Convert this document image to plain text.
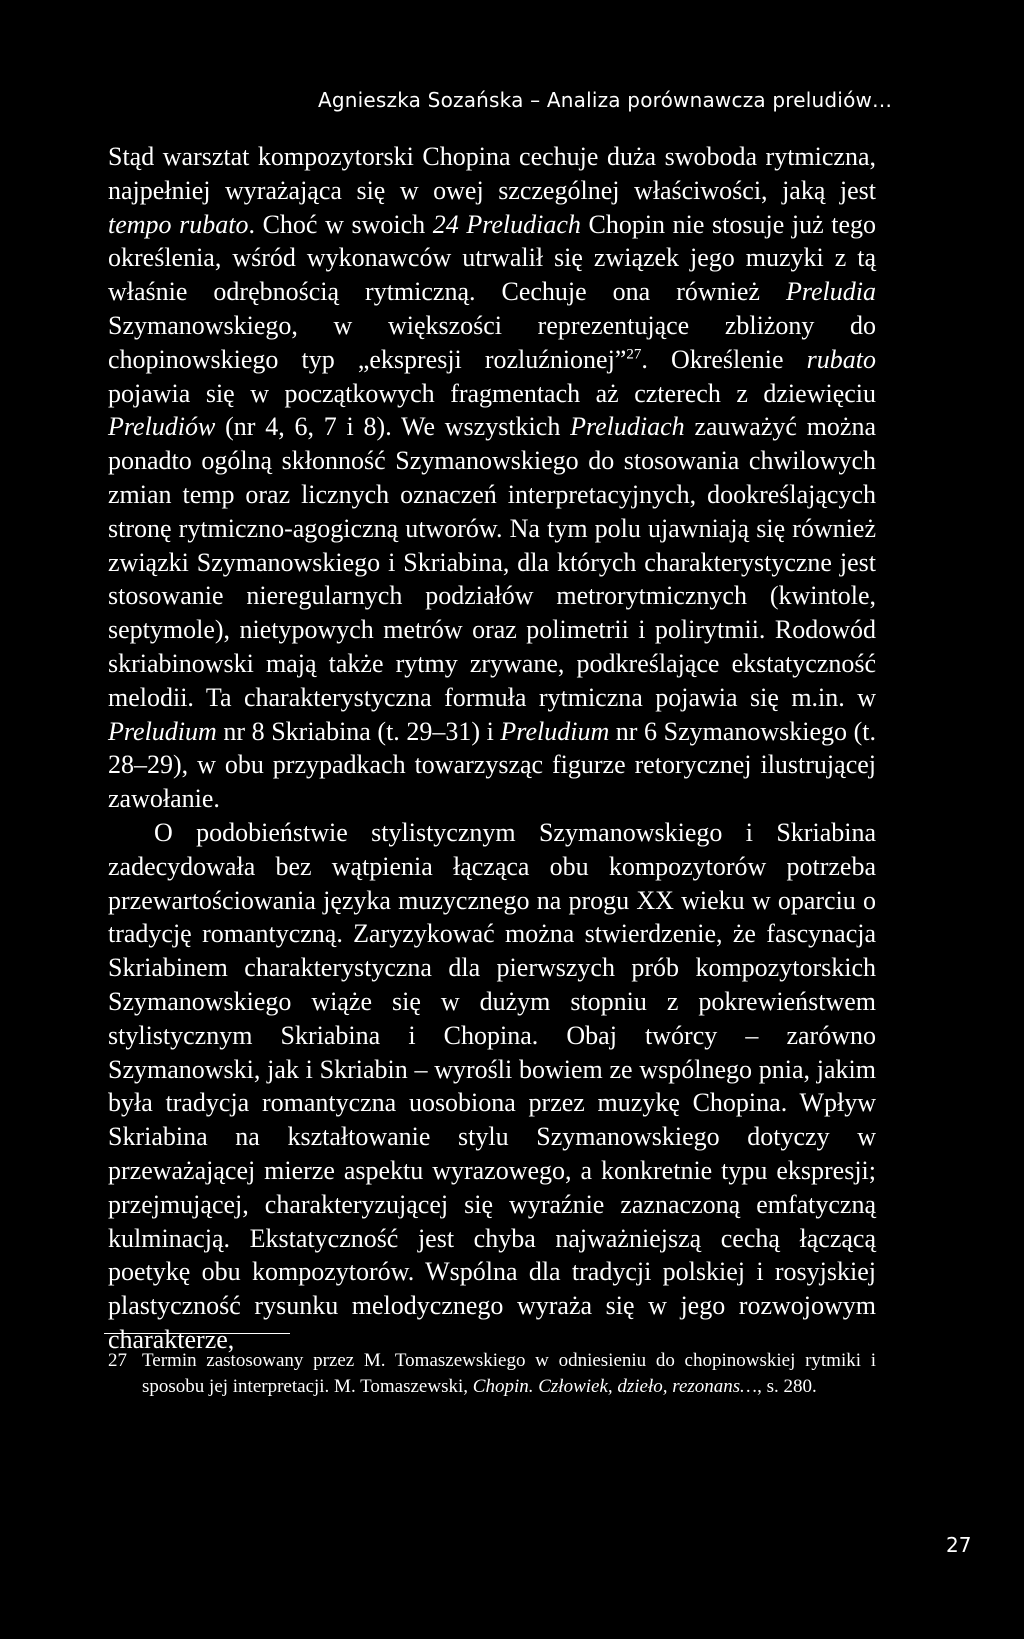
Agnieszka Sozańska – Analiza porównawcza preludiów…

Stąd warsztat kompozytorski Chopina cechuje duża swoboda rytmiczna, najpełniej wyrażająca się w owej szczególnej właściwości, jaką jest tempo rubato. Choć w swoich 24 Preludiach Chopin nie stosuje już tego określenia, wśród wykonawców utrwalił się związek jego muzyki z tą właśnie odrębnością rytmiczną. Cechuje ona również Preludia Szymanowskiego, w większości reprezentujące zbliżony do chopinowskiego typ „ekspresji rozluźnionej”$^{27}$. Określenie rubato pojawia się w początkowych fragmentach aż czterech z dziewięciu Preludiów (nr 4, 6, 7 i 8). We wszystkich Preludiach zauważyć można ponadto ogólną skłonność Szymanowskiego do stosowania chwilowych zmian temp oraz licznych oznaczeń interpretacyjnych, dookreślających stronę rytmiczno-agogiczną utworów. Na tym polu ujawniają się również związki Szymanowskiego i Skriabina, dla których charakterystyczne jest stosowanie nieregularnych podziałów metrorytmicznych (kwintole, septymole), nietypowych metrów oraz polimetrii i polirytmii. Rodowód skriabinowski mają także rytmy zrywane, podkreślające ekstatyczność melodii. Ta charakterystyczna formuła rytmiczna pojawia się m.in. w Preludium nr 8 Skriabina (t. 29–31) i Preludium nr 6 Szymanowskiego (t. 28–29), w obu przypadkach towarzysząc figurze retorycznej ilustrującej zawołanie.

O podobieństwie stylistycznym Szymanowskiego i Skriabina zadecydowała bez wątpienia łącząca obu kompozytorów potrzeba przewartościowania języka muzycznego na progu XX wieku w oparciu o tradycję romantyczną. Zaryzykować można stwierdzenie, że fascynacja Skriabinem charakterystyczna dla pierwszych prób kompozytorskich Szymanowskiego wiąże się w dużym stopniu z pokrewieństwem stylistycznym Skriabina i Chopina. Obaj twórcy – zarówno Szymanowski, jak i Skriabin – wyrośli bowiem ze wspólnego pnia, jakim była tradycja romantyczna uosobiona przez muzykę Chopina. Wpływ Skriabina na kształtowanie stylu Szymanowskiego dotyczy w przeważającej mierze aspektu wyrazowego, a konkretnie typu ekspresji; przejmującej, charakteryzującej się wyraźnie zaznaczoną emfatyczną kulminacją. Ekstatyczność jest chyba najważniejszą cechą łączącą poetykę obu kompozytorów. Wspólna dla tradycji polskiej i rosyjskiej plastyczność rysunku melodycznego wyraża się w jego rozwojowym charakterze,

27 Termin zastosowany przez M. Tomaszewskiego w odniesieniu do chopinowskiej rytmiki i sposobu jej interpretacji. M. Tomaszewski, Chopin. Człowiek, dzieło, rezonans…, s. 280.
27
